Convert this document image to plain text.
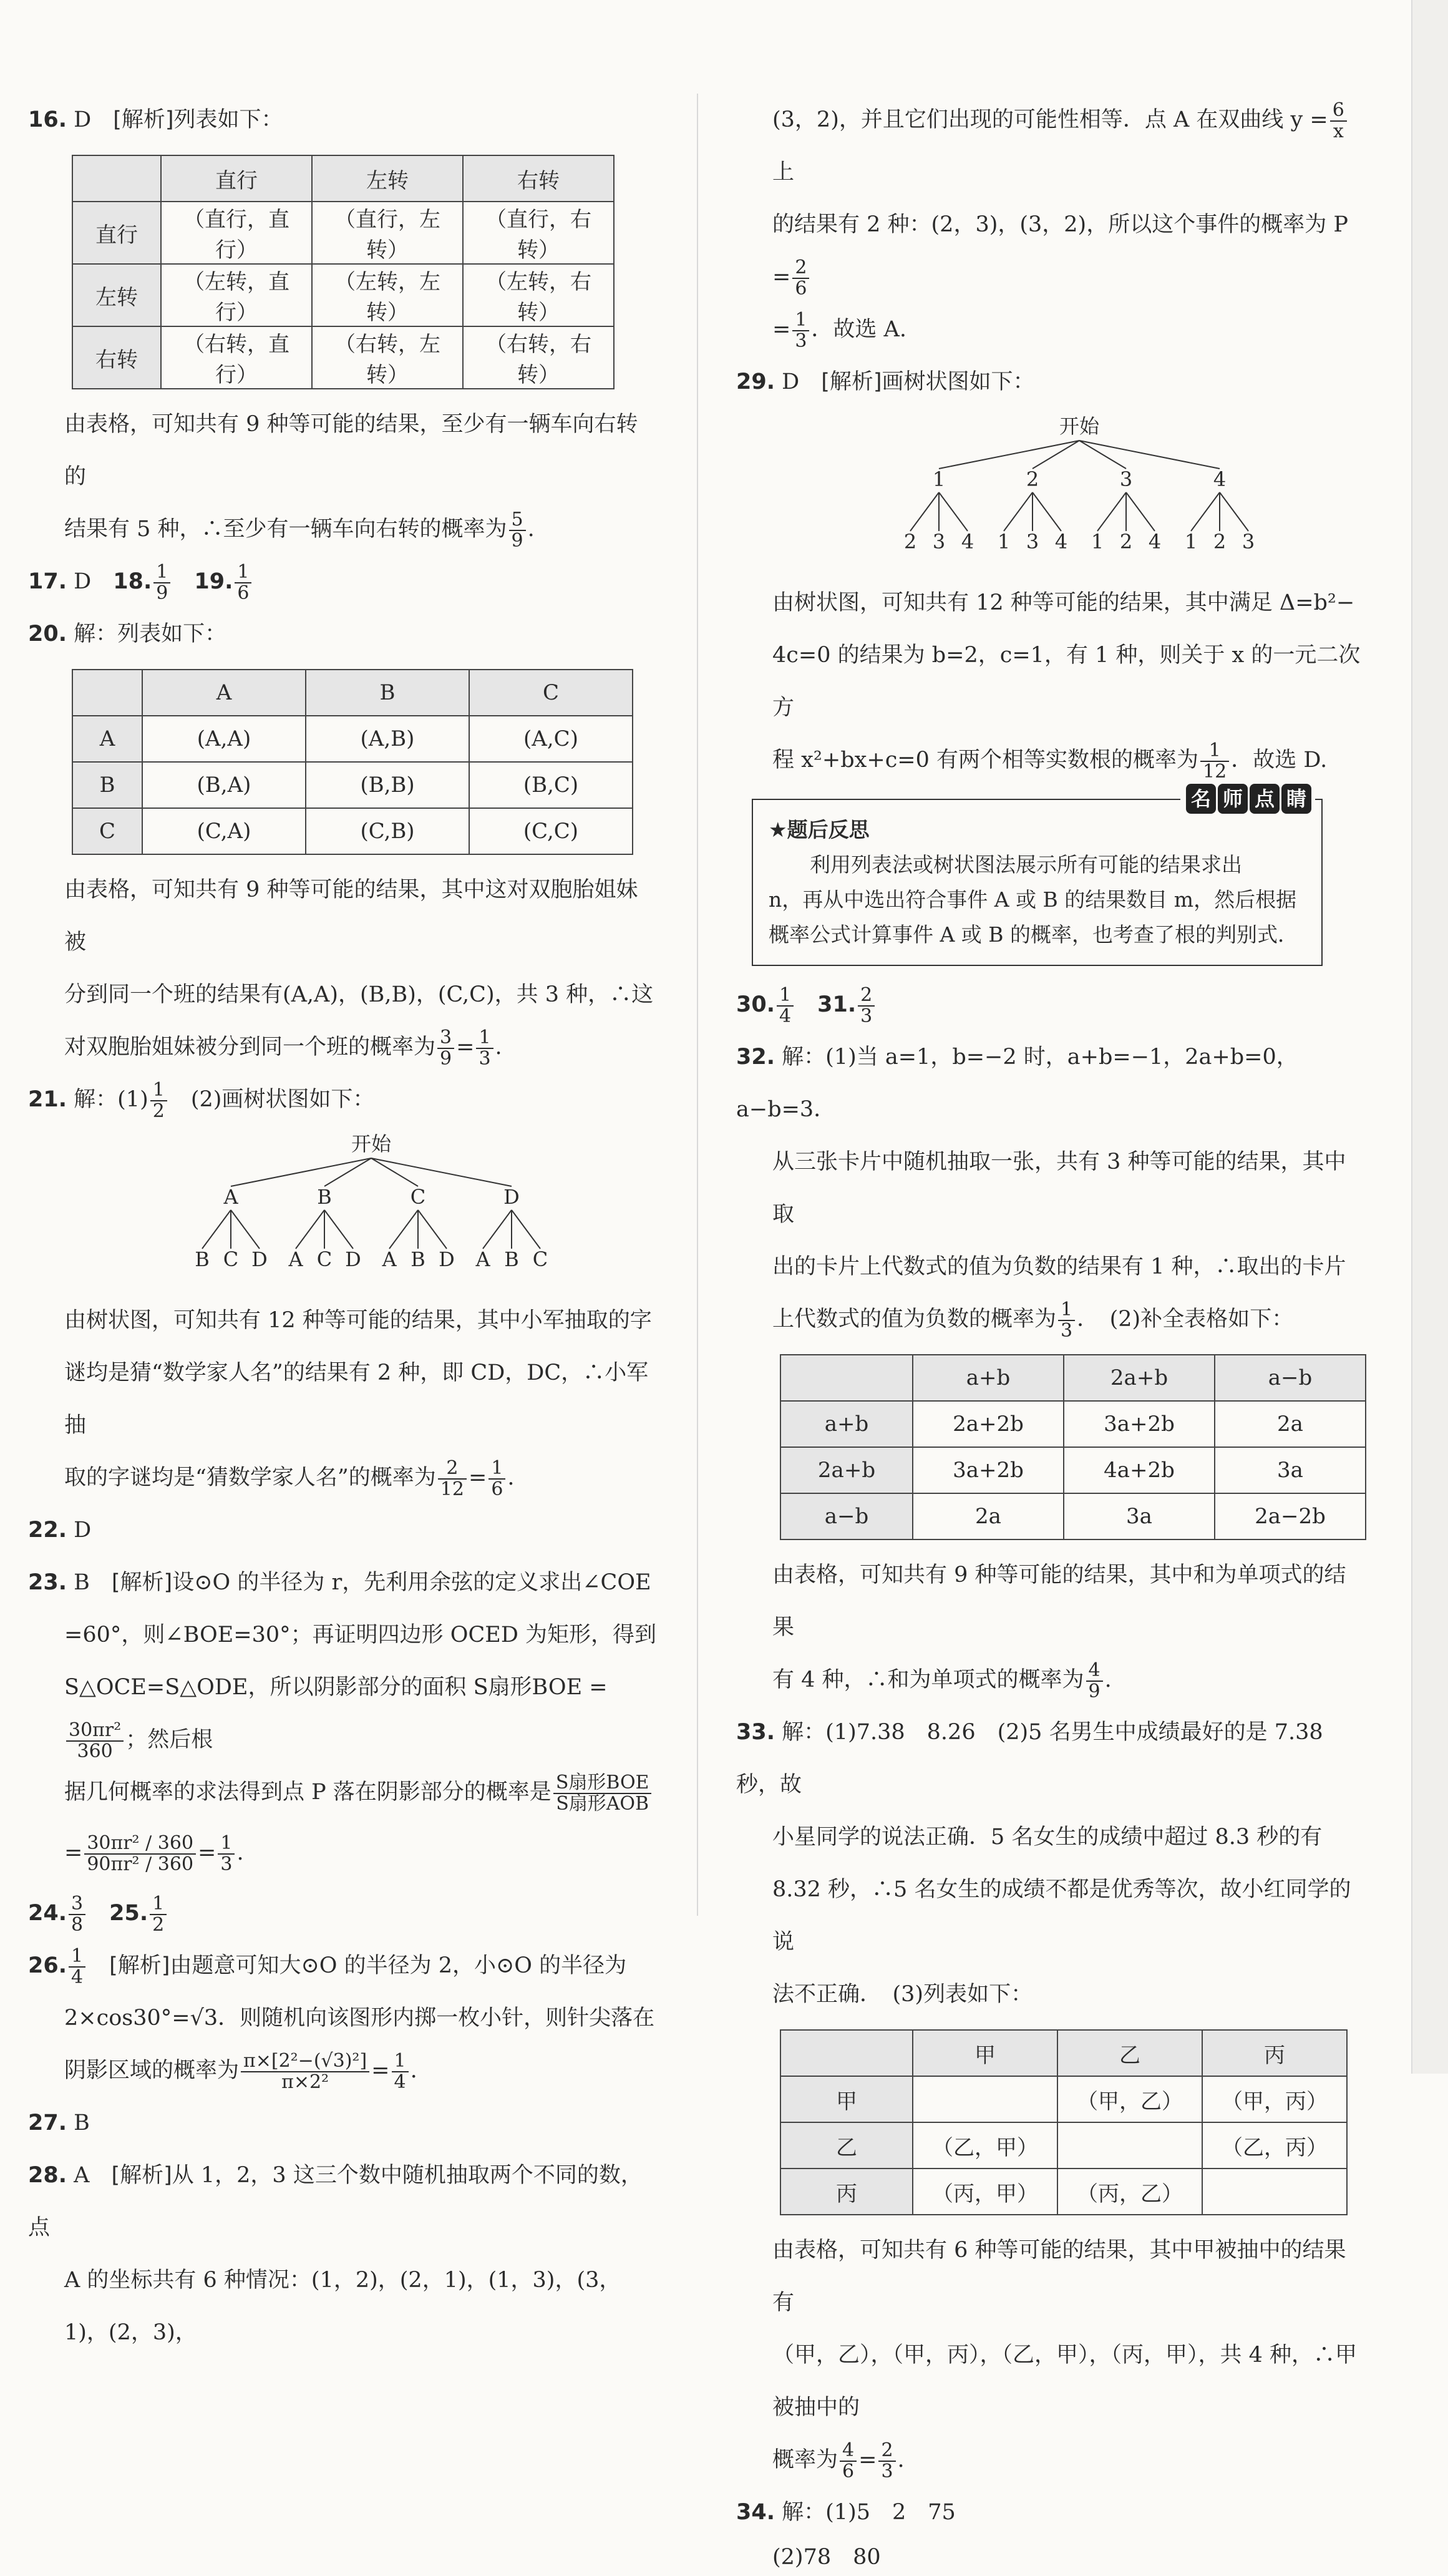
16. D　 [解析]列表如下：

	直行	左转	右转
直行	（直行，直行）	（直行，左转）	（直行，右转）
左转	（左转，直行）	（左转，左转）	（左转，右转）
右转	（右转，直行）	（右转，左转）	（右转，右转）

由表格，可知共有 9 种等可能的结果，至少有一辆车向右转的

结果有 5 种，∴至少有一辆车向右转的概率为 $\frac{5}{9}$ .

17. D　 18. $\frac{1}{9}$
　 19. $\frac{1}{6}$

20. 解：列表如下：

	A	B	C
A	(A,A)	(A,B)	(A,C)
B	(B,A)	(B,B)	(B,C)
C	(C,A)	(C,B)	(C,C)

由表格，可知共有 9 种等可能的结果，其中这对双胞胎姐妹被

分到同一个班的结果有(A,A)，(B,B)，(C,C)，共 3 种，∴这

对双胞胎姐妹被分到同一个班的概率为 $\frac{3}{9} = \frac{1}{3}$ .

21. 解：$(1) \frac{1}{2}$ 　(2)画树状图如下：

开始
A
B C D
B
A C D
C
A B D
D
A B C

由树状图，可知共有 12 种等可能的结果，其中小军抽取的字

谜均是猜“数学家人名”的结果有 2 种，即 CD，DC，∴小军抽

取的字谜均是“猜数学家人名”的概率为 $\frac{2}{12} = \frac{1}{6}$ .

22. D

23. B　 [解析]设⊙O 的半径为 r，先利用余弦的定义求出∠COE

=60°，则∠BOE=30°；再证明四边形 OCED 为矩形，得到

S△OCE=S△ODE，所以阴影部分的面积 S扇形BOE =
$\frac{\text{30πr²}}{360}$ ；然后根

据几何概率的求法得到点 P 落在阴影部分的概率是 $\frac{\text{S扇形BOE}}{\text{S扇形AOB}}$

= $\frac{\text{30πr² / 360}}{\text{90πr² / 360}} = \frac{1}{3}$ .

24. $\frac{3}{8}$
　 25. $\frac{1}{2}$

26. $\frac{1}{4}$
　 [解析]由题意可知大⊙O 的半径为 2，小⊙O 的半径为

2×cos30°=√3．则随机向该图形内掷一枚小针，则针尖落在

阴影区域的概率为 $\frac{\text{π×[2²−(√3)²]}}{\text{π×2²}} = \frac{1}{4}$ .

27. B

28. A　 [解析]从 1，2，3 这三个数中随机抽取两个不同的数，点

A 的坐标共有 6 种情况：(1，2)，(2，1)，(1，3)，(3，1)，(2，3)，

(3，2)，并且它们出现的可能性相等．点 A 在双曲线 $y = \frac{6}{x}$
上

的结果有 2 种：(2，3)，(3，2)，所以这个事件的概率为 $P = \frac{2}{6}$

= $\frac{1}{3}$ ．故选 A.

29. D　 [解析]画树状图如下：

开始
1
2 3 4
2
1 3 4
3
1 2 4
4
1 2 3

由树状图，可知共有 12 种等可能的结果，其中满足 Δ=b²−

4c=0 的结果为 b=2，c=1，有 1 种，则关于 x 的一元二次方

程 x²+bx+c=0 有两个相等实数根的概率为 $\frac{1}{12}$ ．故选 D.

名 师 点 睛

★题后反思

利用列表法或树状图法展示所有可能的结果求出

n，再从中选出符合事件 A 或 B 的结果数目 m，然后根据

概率公式计算事件 A 或 B 的概率，也考查了根的判别式．

30. $\frac{1}{4}$
　 31. $\frac{2}{3}$

32. 解：(1)当 a=1，b=−2 时，a+b=−1，2a+b=0，a−b=3．

从三张卡片中随机抽取一张，共有 3 种等可能的结果，其中取

出的卡片上代数式的值为负数的结果有 1 种，∴取出的卡片

上代数式的值为负数的概率为 $\frac{1}{3}$ ．　(2)补全表格如下：

	a+b	2a+b	a−b
a+b	2a+2b	3a+2b	2a
2a+b	3a+2b	4a+2b	3a
a−b	2a	3a	2a−2b

由表格，可知共有 9 种等可能的结果，其中和为单项式的结果

有 4 种，∴和为单项式的概率为 $\frac{4}{9}$ .

33. 解：(1)7.38　8.26　(2)5 名男生中成绩最好的是 7.38 秒，故

小星同学的说法正确．5 名女生的成绩中超过 8.3 秒的有

8.32 秒，∴5 名女生的成绩不都是优秀等次，故小红同学的说

法不正确．　(3)列表如下：

	甲	乙	丙
甲		（甲，乙）	（甲，丙）
乙	（乙，甲）		（乙，丙）
丙	（丙，甲）	（丙，乙）	

由表格，可知共有 6 种等可能的结果，其中甲被抽中的结果有

（甲，乙），（甲，丙），（乙，甲），（丙，甲），共 4 种，∴甲被抽中的

概率为 $\frac{4}{6} = \frac{2}{3}$ .

34. 解：(1)5　2　75

(2)78　80
